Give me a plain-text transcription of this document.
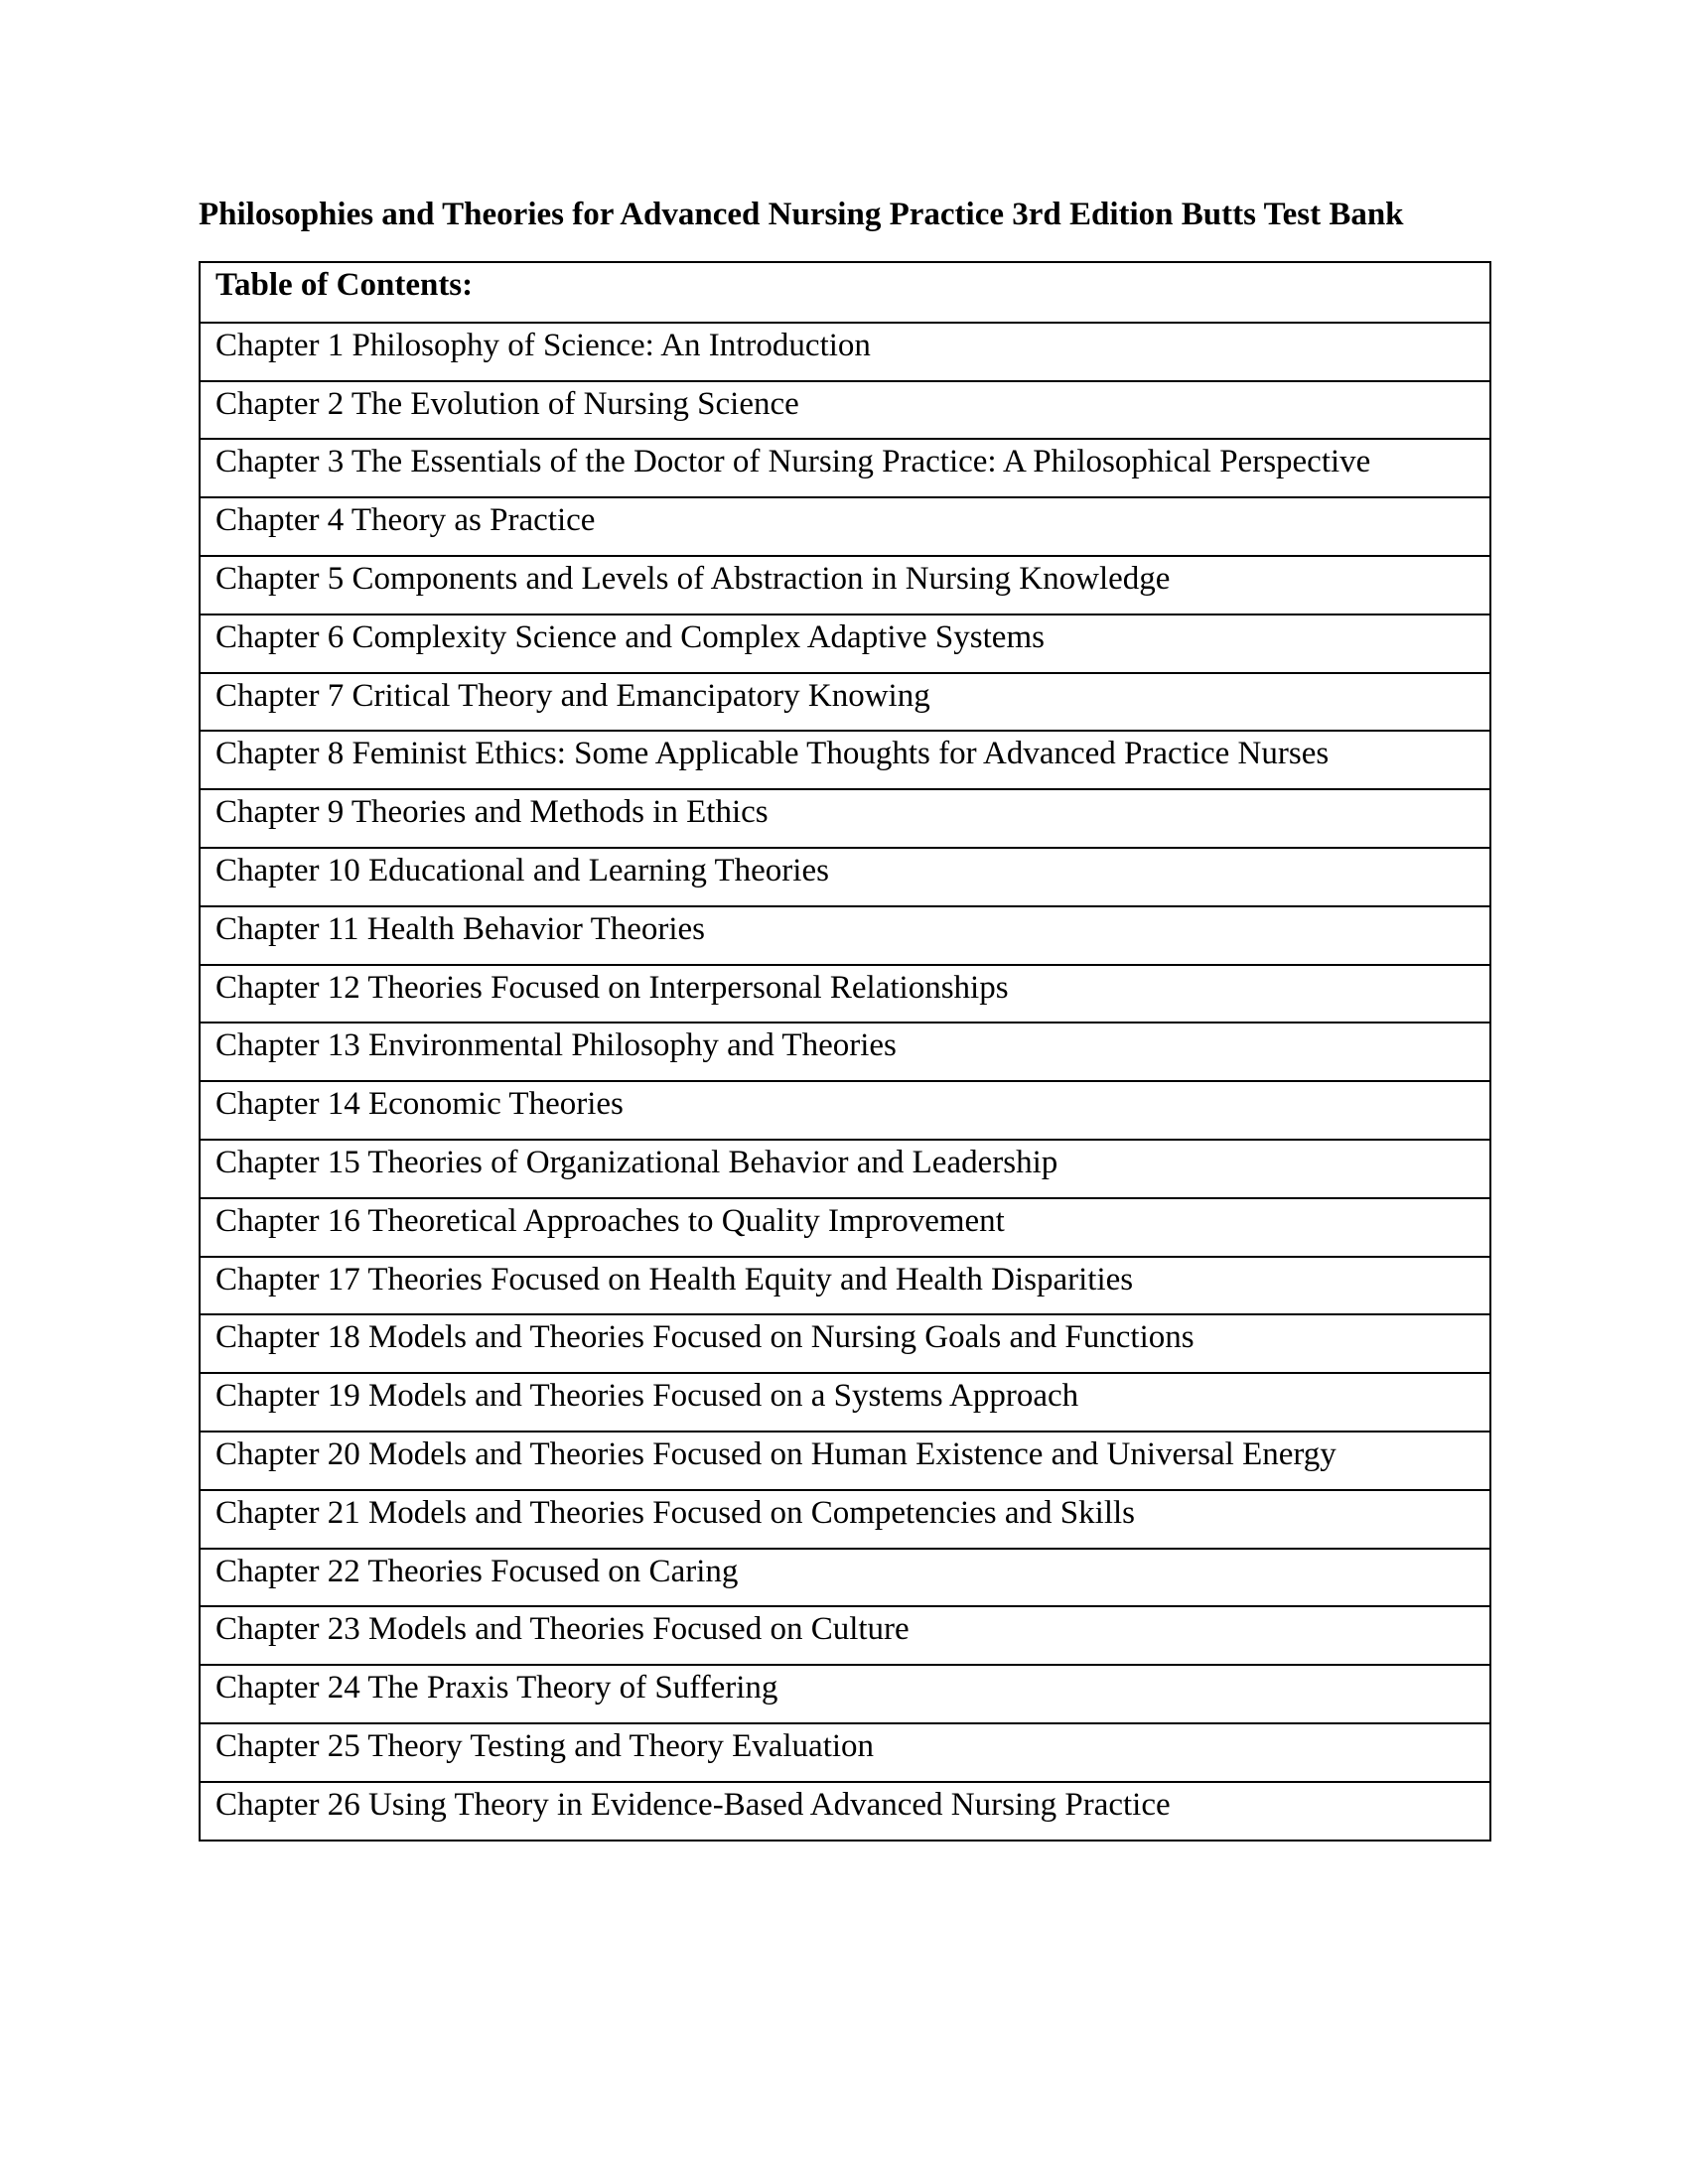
Philosophies and Theories for Advanced Nursing Practice 3rd Edition Butts Test Bank
Table of Contents:
Chapter 1 Philosophy of Science: An Introduction
Chapter 2 The Evolution of Nursing Science
Chapter 3 The Essentials of the Doctor of Nursing Practice: A Philosophical Perspective
Chapter 4 Theory as Practice
Chapter 5 Components and Levels of Abstraction in Nursing Knowledge
Chapter 6 Complexity Science and Complex Adaptive Systems
Chapter 7 Critical Theory and Emancipatory Knowing
Chapter 8 Feminist Ethics: Some Applicable Thoughts for Advanced Practice Nurses
Chapter 9 Theories and Methods in Ethics
Chapter 10 Educational and Learning Theories
Chapter 11 Health Behavior Theories
Chapter 12 Theories Focused on Interpersonal Relationships
Chapter 13 Environmental Philosophy and Theories
Chapter 14 Economic Theories
Chapter 15 Theories of Organizational Behavior and Leadership
Chapter 16 Theoretical Approaches to Quality Improvement
Chapter 17 Theories Focused on Health Equity and Health Disparities
Chapter 18 Models and Theories Focused on Nursing Goals and Functions
Chapter 19 Models and Theories Focused on a Systems Approach
Chapter 20 Models and Theories Focused on Human Existence and Universal Energy
Chapter 21 Models and Theories Focused on Competencies and Skills
Chapter 22 Theories Focused on Caring
Chapter 23 Models and Theories Focused on Culture
Chapter 24 The Praxis Theory of Suffering
Chapter 25 Theory Testing and Theory Evaluation
Chapter 26 Using Theory in Evidence-Based Advanced Nursing Practice
